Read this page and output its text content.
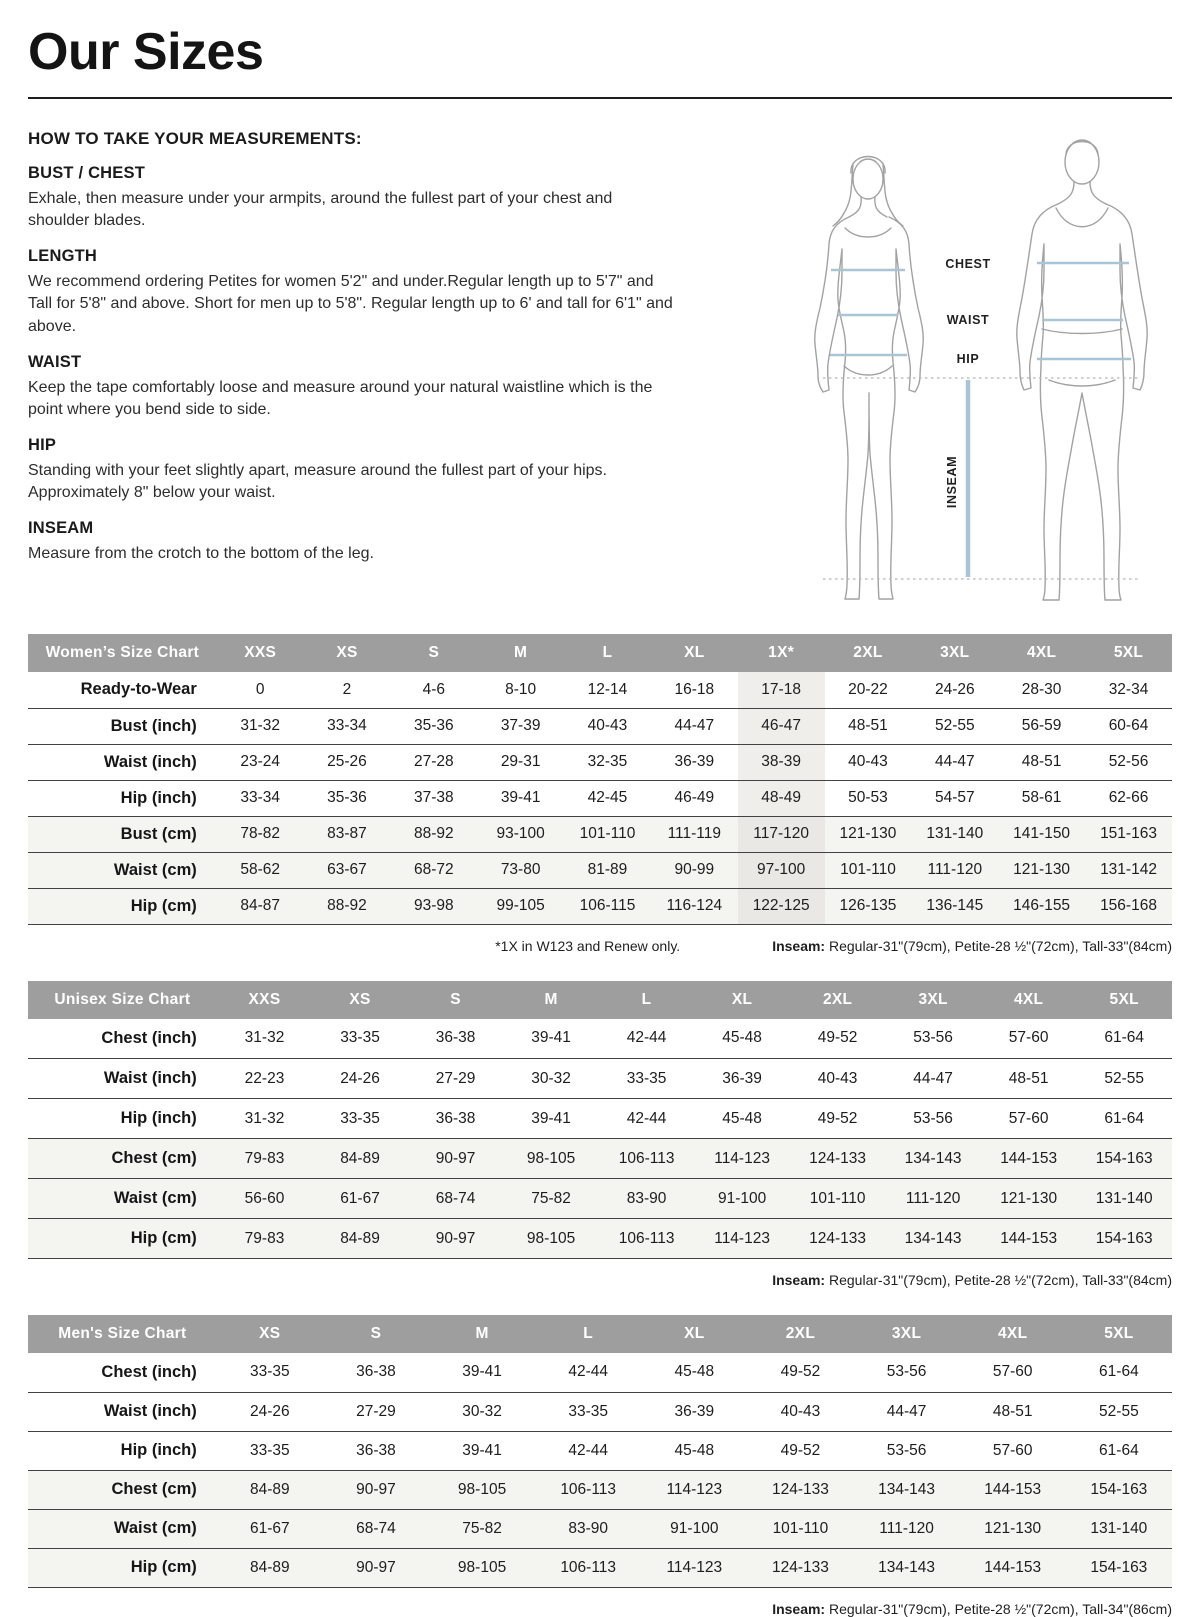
Our Sizes
HOW TO TAKE YOUR MEASUREMENTS:
BUST / CHEST

Exhale, then measure under your armpits, around the fullest part of your chest and shoulder blades.

LENGTH

We recommend ordering Petites for women 5'2" and under.Regular length up to 5'7" and Tall for 5'8" and above. Short for men up to 5'8". Regular length up to 6' and tall for 6'1" and above.

WAIST

Keep the tape comfortably loose and measure around your natural waistline which is the point where you bend side to side.

HIP

Standing with your feet slightly apart, measure around the fullest part of your hips. Approximately 8" below your waist.

INSEAM

Measure from the crotch to the bottom of the leg.

CHEST
WAIST
HIP
INSEAM
Women’s Size Chart	XXS	XS	S	M	L	XL	1X*	2XL	3XL	4XL	5XL
Ready-to-Wear	0	2	4-6	8-10	12-14	16-18	17-18	20-22	24-26	28-30	32-34
Bust (inch)	31-32	33-34	35-36	37-39	40-43	44-47	46-47	48-51	52-55	56-59	60-64
Waist (inch)	23-24	25-26	27-28	29-31	32-35	36-39	38-39	40-43	44-47	48-51	52-56
Hip (inch)	33-34	35-36	37-38	39-41	42-45	46-49	48-49	50-53	54-57	58-61	62-66
Bust (cm)	78-82	83-87	88-92	93-100	101-110	111-119	117-120	121-130	131-140	141-150	151-163
Waist (cm)	58-62	63-67	68-72	73-80	81-89	90-99	97-100	101-110	111-120	121-130	131-142
Hip (cm)	84-87	88-92	93-98	99-105	106-115	116-124	122-125	126-135	136-145	146-155	156-168
*1X in W123 and Renew only.	Inseam: Regular-31"(79cm), Petite-28 ½"(72cm), Tall-33"(84cm)
Unisex Size Chart	XXS	XS	S	M	L	XL	2XL	3XL	4XL	5XL
Chest (inch)	31-32	33-35	36-38	39-41	42-44	45-48	49-52	53-56	57-60	61-64
Waist (inch)	22-23	24-26	27-29	30-32	33-35	36-39	40-43	44-47	48-51	52-55
Hip (inch)	31-32	33-35	36-38	39-41	42-44	45-48	49-52	53-56	57-60	61-64
Chest (cm)	79-83	84-89	90-97	98-105	106-113	114-123	124-133	134-143	144-153	154-163
Waist (cm)	56-60	61-67	68-74	75-82	83-90	91-100	101-110	111-120	121-130	131-140
Hip (cm)	79-83	84-89	90-97	98-105	106-113	114-123	124-133	134-143	144-153	154-163
Inseam: Regular-31"(79cm), Petite-28 ½"(72cm), Tall-33"(84cm)
Men's Size Chart	XS	S	M	L	XL	2XL	3XL	4XL	5XL
Chest (inch)	33-35	36-38	39-41	42-44	45-48	49-52	53-56	57-60	61-64
Waist (inch)	24-26	27-29	30-32	33-35	36-39	40-43	44-47	48-51	52-55
Hip (inch)	33-35	36-38	39-41	42-44	45-48	49-52	53-56	57-60	61-64
Chest (cm)	84-89	90-97	98-105	106-113	114-123	124-133	134-143	144-153	154-163
Waist (cm)	61-67	68-74	75-82	83-90	91-100	101-110	111-120	121-130	131-140
Hip (cm)	84-89	90-97	98-105	106-113	114-123	124-133	134-143	144-153	154-163
Inseam: Regular-31"(79cm), Petite-28 ½"(72cm), Tall-34"(86cm)
